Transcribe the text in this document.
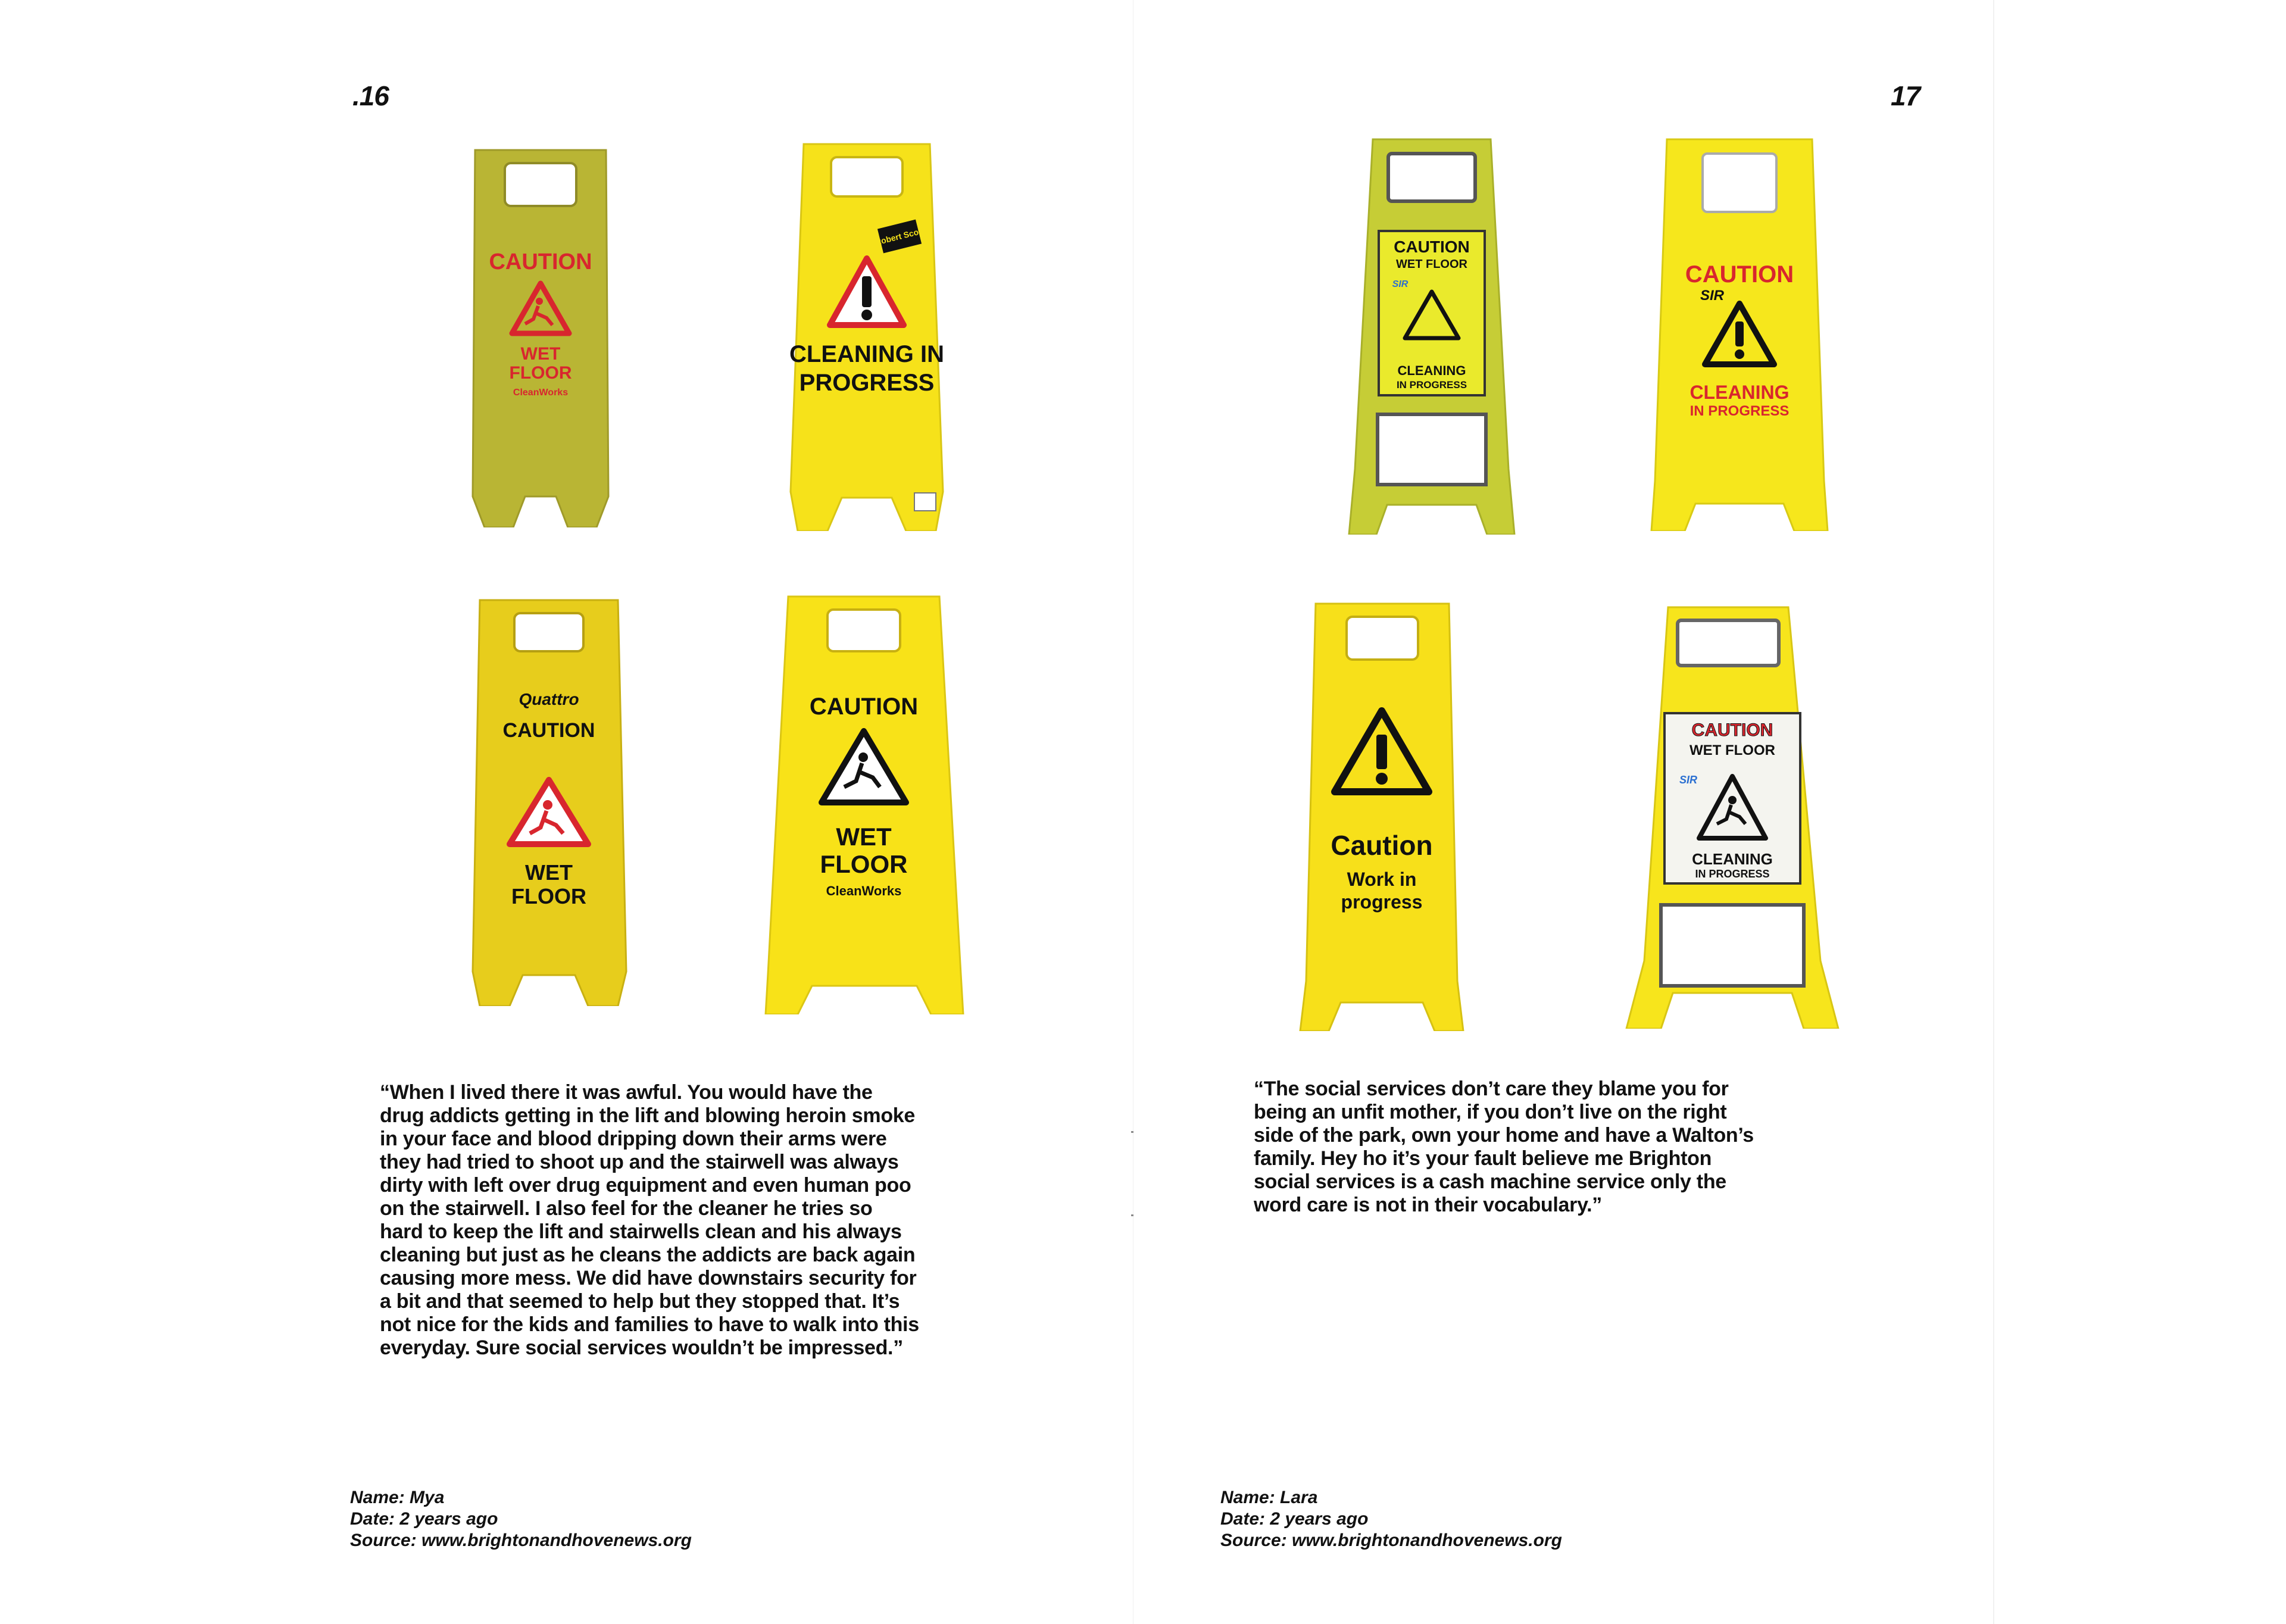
.16
CAUTION
WET
FLOOR
CleanWorks
Robert Scott
CLEANING IN
PROGRESS
Quattro
CAUTION
WET
FLOOR
CAUTION
WET
FLOOR
CleanWorks

“When I lived there it was awful. You would have the
drug addicts getting in the lift and blowing heroin smoke
in your face and blood dripping down their arms were
they had tried to shoot up and the stairwell was always
dirty with left over drug equipment and even human poo
on the stairwell. I also feel for the cleaner he tries so
hard to keep the lift and stairwells clean and his always
cleaning but just as he cleans the addicts are back again
causing more mess. We did have downstairs security for
a bit and that seemed to help but they stopped that. It’s
not nice for the kids and families to have to walk into this
everyday. Sure social services wouldn’t be impressed.”

Name: Mya
Date: 2 years ago
Source: www.brightonandhovenews.org
17
CAUTION
WET FLOOR
SIR
CLEANING
IN PROGRESS
CAUTION
SIR
CLEANING
IN PROGRESS
Caution
Work in
progress
CAUTION
WET FLOOR
SIR
CLEANING
IN PROGRESS

“The social services don’t care they blame you for
being an unfit mother, if you don’t live on the right
side of the park, own your home and have a Walton’s
family. Hey ho it’s your fault believe me Brighton
social services is a cash machine service only the
word care is not in their vocabulary.”

Name: Lara
Date: 2 years ago
Source: www.brightonandhovenews.org
